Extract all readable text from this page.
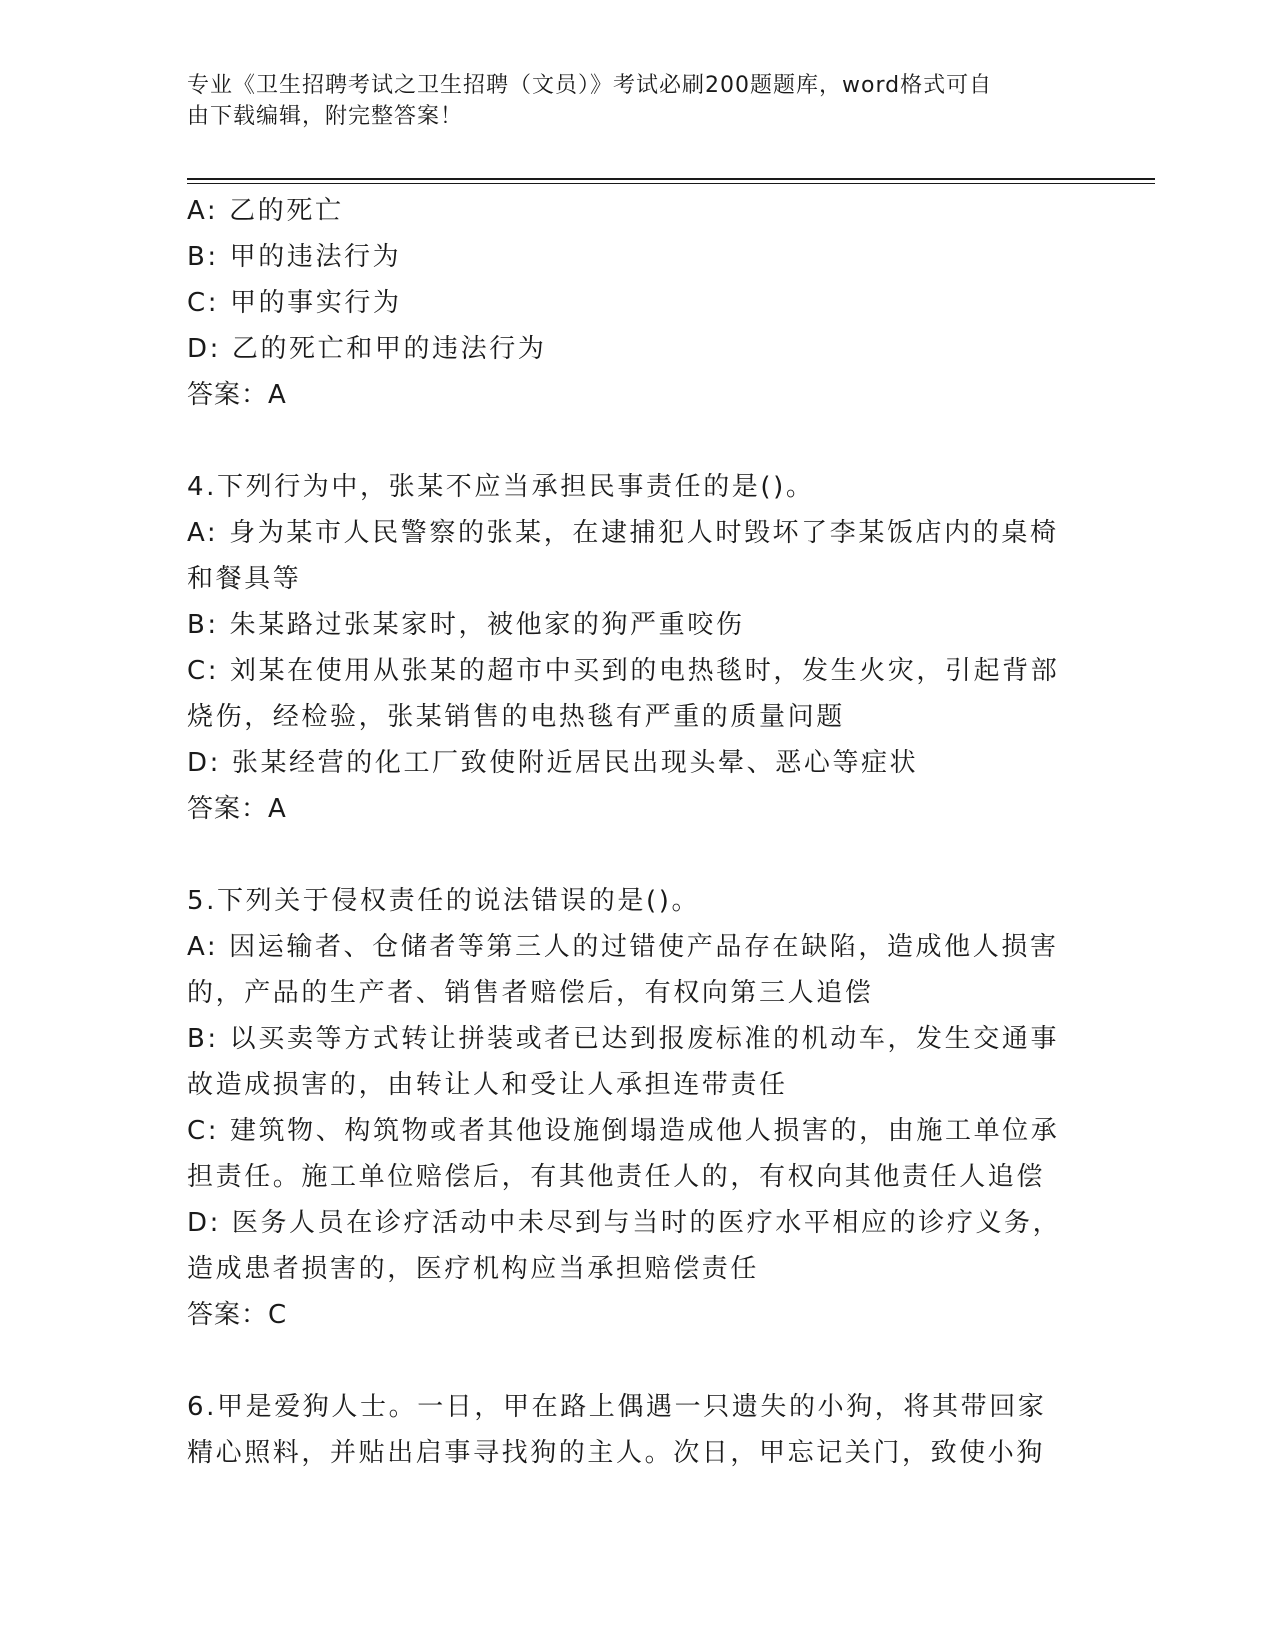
专业《卫生招聘考试之卫生招聘（文员）》考试必刷200题题库，word格式可自
由下载编辑，附完整答案！
A: 乙的死亡
B: 甲的违法行为
C: 甲的事实行为
D: 乙的死亡和甲的违法行为
答案：A
4.下列行为中，张某不应当承担民事责任的是()。
A: 身为某市人民警察的张某，在逮捕犯人时毁坏了李某饭店内的桌椅
和餐具等
B: 朱某路过张某家时，被他家的狗严重咬伤
C: 刘某在使用从张某的超市中买到的电热毯时，发生火灾，引起背部
烧伤，经检验，张某销售的电热毯有严重的质量问题
D: 张某经营的化工厂致使附近居民出现头晕、恶心等症状
答案：A
5.下列关于侵权责任的说法错误的是()。
A: 因运输者、仓储者等第三人的过错使产品存在缺陷，造成他人损害
的，产品的生产者、销售者赔偿后，有权向第三人追偿
B: 以买卖等方式转让拼装或者已达到报废标准的机动车，发生交通事
故造成损害的，由转让人和受让人承担连带责任
C: 建筑物、构筑物或者其他设施倒塌造成他人损害的，由施工单位承
担责任。施工单位赔偿后，有其他责任人的，有权向其他责任人追偿
D: 医务人员在诊疗活动中未尽到与当时的医疗水平相应的诊疗义务，
造成患者损害的，医疗机构应当承担赔偿责任
答案：C
6.甲是爱狗人士。一日，甲在路上偶遇一只遗失的小狗，将其带回家
精心照料，并贴出启事寻找狗的主人。次日，甲忘记关门，致使小狗
